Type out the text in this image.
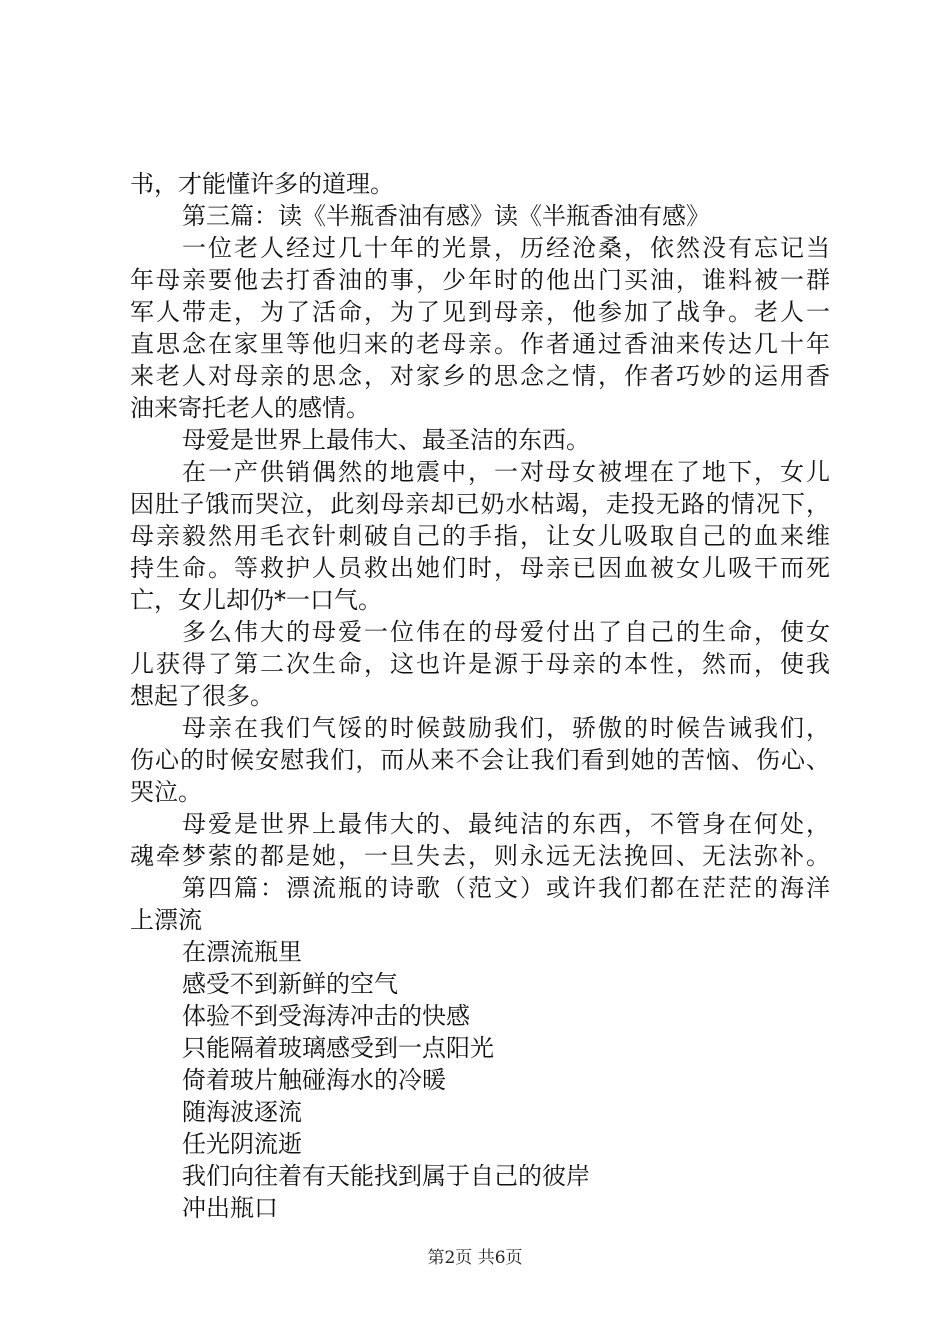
书，才能懂许多的道理。
第三篇：读《半瓶香油有感》读《半瓶香油有感》
一位老人经过几十年的光景，历经沧桑，依然没有忘记当
年母亲要他去打香油的事，少年时的他出门买油，谁料被一群
军人带走，为了活命，为了见到母亲，他参加了战争。老人一
直思念在家里等他归来的老母亲。作者通过香油来传达几十年
来老人对母亲的思念，对家乡的思念之情，作者巧妙的运用香
油来寄托老人的感情。
母爱是世界上最伟大、最圣洁的东西。
在一产供销偶然的地震中，一对母女被埋在了地下，女儿
因肚子饿而哭泣，此刻母亲却已奶水枯竭，走投无路的情况下，
母亲毅然用毛衣针刺破自己的手指，让女儿吸取自己的血来维
持生命。等救护人员救出她们时，母亲已因血被女儿吸干而死
亡，女儿却仍*一口气。
多么伟大的母爱一位伟在的母爱付出了自己的生命，使女
儿获得了第二次生命，这也许是源于母亲的本性，然而，使我
想起了很多。
母亲在我们气馁的时候鼓励我们，骄傲的时候告诫我们，
伤心的时候安慰我们，而从来不会让我们看到她的苦恼、伤心、
哭泣。
母爱是世界上最伟大的、最纯洁的东西，不管身在何处，
魂牵梦萦的都是她，一旦失去，则永远无法挽回、无法弥补。
第四篇：漂流瓶的诗歌（范文）或许我们都在茫茫的海洋
上漂流
在漂流瓶里
感受不到新鲜的空气
体验不到受海涛冲击的快感
只能隔着玻璃感受到一点阳光
倚着玻片触碰海水的冷暖
随海波逐流
任光阴流逝
我们向往着有天能找到属于自己的彼岸
冲出瓶口
第2页 共6页
